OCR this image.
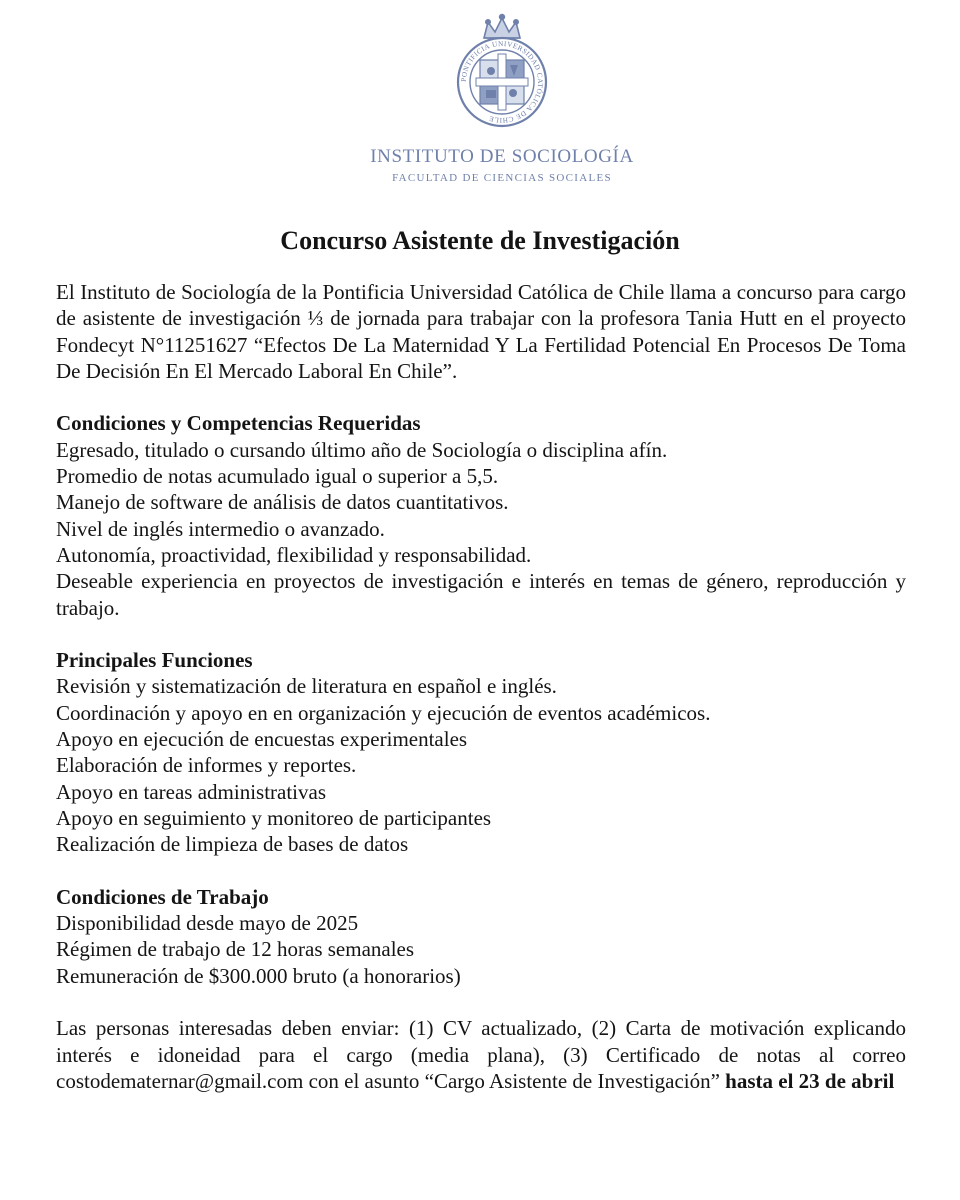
PONTIFICIA UNIVERSIDAD CATÓLICA DE CHILE
INSTITUTO DE SOCIOLOGÍA
FACULTAD DE CIENCIAS SOCIALES
Concurso Asistente de Investigación

El Instituto de Sociología de la Pontificia Universidad Católica de Chile llama a concurso para cargo de asistente de investigación ⅓ de jornada para trabajar con la profesora Tania Hutt en el proyecto Fondecyt N°11251627 “Efectos De La Maternidad Y La Fertilidad Potencial En Procesos De Toma De Decisión En El Mercado Laboral En Chile”.

Condiciones y Competencias Requeridas
Egresado, titulado o cursando último año de Sociología o disciplina afín.
Promedio de notas acumulado igual o superior a 5,5.
Manejo de software de análisis de datos cuantitativos.
Nivel de inglés intermedio o avanzado.
Autonomía, proactividad, flexibilidad y responsabilidad.

Deseable experiencia en proyectos de investigación e interés en temas de género, reproducción y trabajo.

Principales Funciones
Revisión y sistematización de literatura en español e inglés.
Coordinación y apoyo en en organización y ejecución de eventos académicos.
Apoyo en ejecución de encuestas experimentales
Elaboración de informes y reportes.
Apoyo en tareas administrativas
Apoyo en seguimiento y monitoreo de participantes
Realización de limpieza de bases de datos
Condiciones de Trabajo
Disponibilidad desde mayo de 2025
Régimen de trabajo de 12 horas semanales
Remuneración de $300.000 bruto (a honorarios)

Las personas interesadas deben enviar: (1) CV actualizado, (2) Carta de motivación explicando interés e idoneidad para el cargo (media plana), (3) Certificado de notas al correo costodematernar@gmail.com con el asunto “Cargo Asistente de Investigación” hasta el 23 de abril
